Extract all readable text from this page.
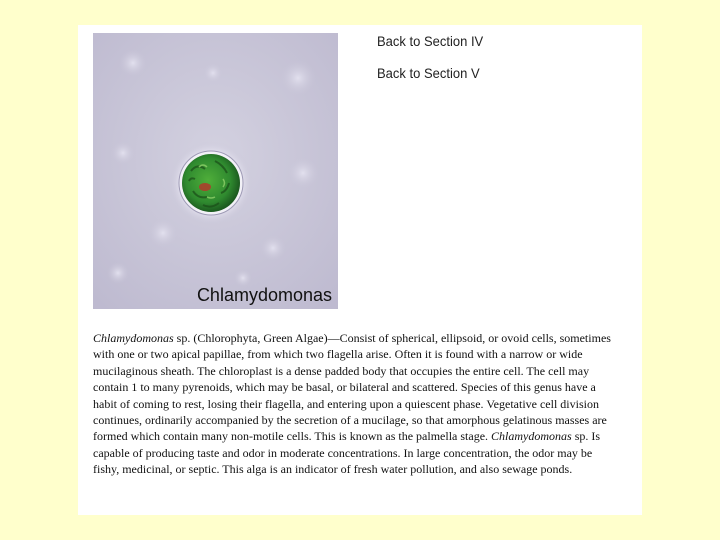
Chlamydomonas
Back to Section IV
Back to Section V

Chlamydomonas sp. (Chlorophyta, Green Algae)—Consist of spherical, ellipsoid, or ovoid cells, sometimes with one or two apical papillae, from which two flagella arise. Often it is found with a narrow or wide mucilaginous sheath. The chloroplast is a dense padded body that occupies the entire cell. The cell may contain 1 to many pyrenoids, which may be basal, or bilateral and scattered. Species of this genus have a habit of coming to rest, losing their flagella, and entering upon a quiescent phase. Vegetative cell division continues, ordinarily accompanied by the secretion of a mucilage, so that amorphous gelatinous masses are formed which contain many non-motile cells. This is known as the palmella stage. Chlamydomonas sp. Is capable of producing taste and odor in moderate concentrations. In large concentration, the odor may be fishy, medicinal, or septic. This alga is an indicator of fresh water pollution, and also sewage ponds.
